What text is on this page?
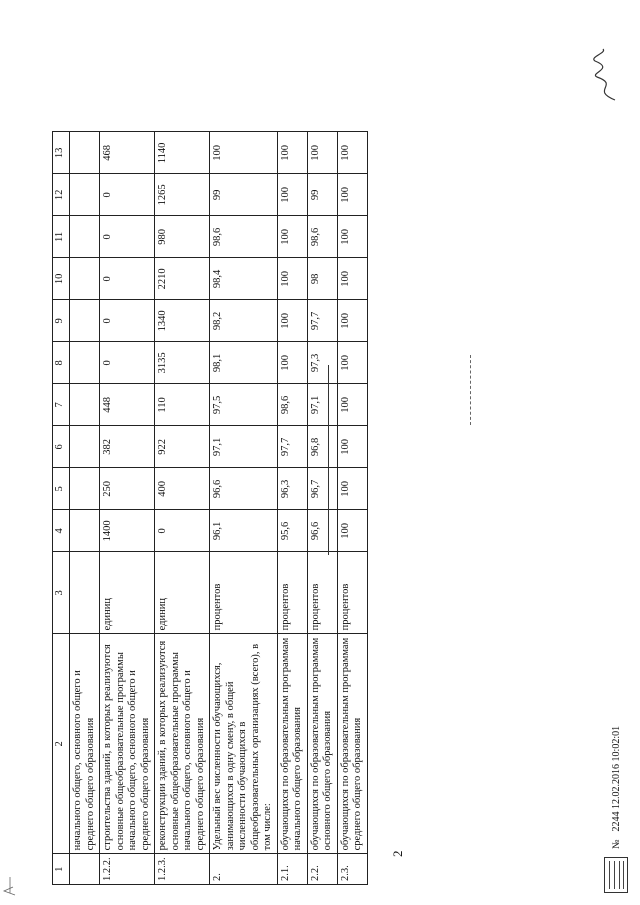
2
1	2	3	4	5	6	7	8	9	10	11	12	13
	начального общего, основного общего и среднего общего образования											
1.2.2.	строительства зданий, в которых реализуются основные общеобразовательные программы начального общего, основного общего и среднего общего образования	единиц	1400	250	382	448	0	0	0	0	0	468
1.2.3.	реконструкции зданий, в которых реализуются основные общеобразовательные программы начального общего, основного общего и среднего общего образования	единиц	0	400	922	110	3135	1340	2210	980	1265	1140
2.	Удельный вес численности обучающихся, занимающихся в одну смену, в общей численности обучающихся в общеобразовательных организациях (всего), в том числе:	процентов	96,1	96,6	97,1	97,5	98,1	98,2	98,4	98,6	99	100
2.1.	обучающихся по образовательным программам начального общего образования	процентов	95,6	96,3	97,7	98,6	100	100	100	100	100	100
2.2.	обучающихся по образовательным программам основного общего образования	процентов	96,6	96,7	96,8	97,1	97,3	97,7	98	98,6	99	100
2.3.	обучающихся по образовательным программам среднего общего образования	процентов	100	100	100	100	100	100	100	100	100	100
№
2244 12.02.2016 10:02:01
